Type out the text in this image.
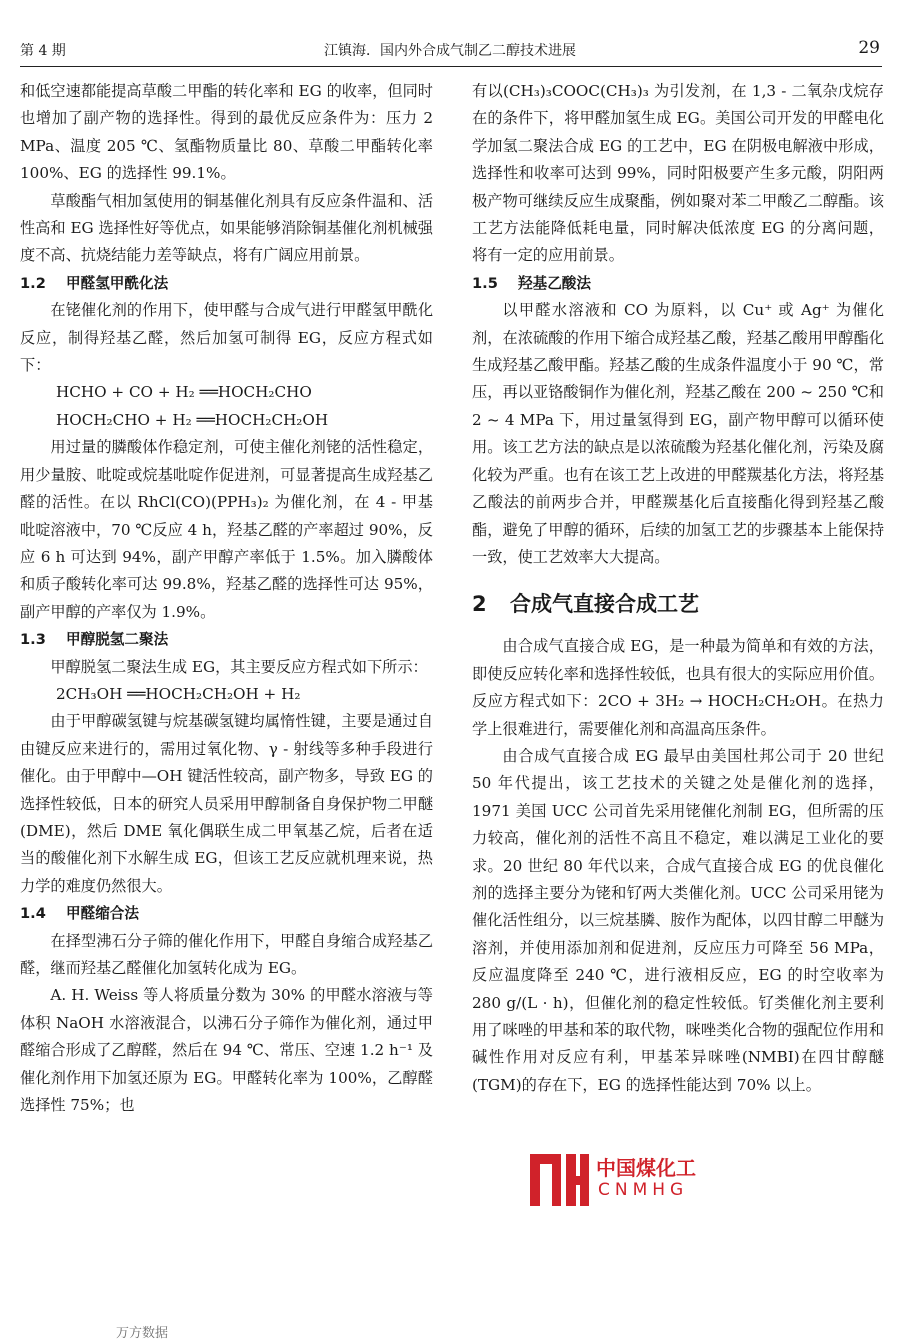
第 4 期	江镇海．国内外合成气制乙二醇技术进展	29

和低空速都能提高草酸二甲酯的转化率和 EG 的收率，但同时也增加了副产物的选择性。得到的最优反应条件为：压力 2 MPa、温度 205 ℃、氢酯物质量比 80、草酸二甲酯转化率 100%、EG 的选择性 99.1%。

草酸酯气相加氢使用的铜基催化剂具有反应条件温和、活性高和 EG 选择性好等优点，如果能够消除铜基催化剂机械强度不高、抗烧结能力差等缺点，将有广阔应用前景。

1.2 甲醛氢甲酰化法

在铑催化剂的作用下，使甲醛与合成气进行甲醛氢甲酰化反应，制得羟基乙醛，然后加氢可制得 EG，反应方程式如下：

HCHO + CO + H₂ ══HOCH₂CHO

HOCH₂CHO + H₂ ══HOCH₂CH₂OH

用过量的膦酸体作稳定剂，可使主催化剂铑的活性稳定，用少量胺、吡啶或烷基吡啶作促进剂，可显著提高生成羟基乙醛的活性。在以 RhCl(CO)(PPH₃)₂ 为催化剂，在 4 - 甲基吡啶溶液中，70 ℃反应 4 h，羟基乙醛的产率超过 90%，反应 6 h 可达到 94%，副产甲醇产率低于 1.5%。加入膦酸体和质子酸转化率可达 99.8%，羟基乙醛的选择性可达 95%，副产甲醇的产率仅为 1.9%。

1.3 甲醇脱氢二聚法

甲醇脱氢二聚法生成 EG，其主要反应方程式如下所示：

2CH₃OH ══HOCH₂CH₂OH + H₂

由于甲醇碳氢键与烷基碳氢键均属惰性键，主要是通过自由键反应来进行的，需用过氧化物、γ - 射线等多种手段进行催化。由于甲醇中—OH 键活性较高，副产物多，导致 EG 的选择性较低，日本的研究人员采用甲醇制备自身保护物二甲醚(DME)，然后 DME 氧化偶联生成二甲氧基乙烷，后者在适当的酸催化剂下水解生成 EG，但该工艺反应就机理来说，热力学的难度仍然很大。

1.4 甲醛缩合法

在择型沸石分子筛的催化作用下，甲醛自身缩合成羟基乙醛，继而羟基乙醛催化加氢转化成为 EG。

A. H. Weiss 等人将质量分数为 30% 的甲醛水溶液与等体积 NaOH 水溶液混合，以沸石分子筛作为催化剂，通过甲醛缩合形成了乙醇醛，然后在 94 ℃、常压、空速 1.2 h⁻¹ 及催化剂作用下加氢还原为 EG。甲醛转化率为 100%，乙醇醛选择性 75%；也

有以(CH₃)₃COOC(CH₃)₃ 为引发剂，在 1,3 - 二氧杂戊烷存在的条件下，将甲醛加氢生成 EG。美国公司开发的甲醛电化学加氢二聚法合成 EG 的工艺中，EG 在阴极电解液中形成，选择性和收率可达到 99%，同时阳极要产生多元酸，阴阳两极产物可继续反应生成聚酯，例如聚对苯二甲酸乙二醇酯。该工艺方法能降低耗电量，同时解决低浓度 EG 的分离问题，将有一定的应用前景。

1.5 羟基乙酸法

以甲醛水溶液和 CO 为原料，以 Cu⁺ 或 Ag⁺ 为催化剂，在浓硫酸的作用下缩合成羟基乙酸，羟基乙酸用甲醇酯化生成羟基乙酸甲酯。羟基乙酸的生成条件温度小于 90 ℃，常压，再以亚铬酸铜作为催化剂，羟基乙酸在 200 ~ 250 ℃和 2 ~ 4 MPa 下，用过量氢得到 EG，副产物甲醇可以循环使用。该工艺方法的缺点是以浓硫酸为羟基化催化剂，污染及腐化较为严重。也有在该工艺上改进的甲醛羰基化方法，将羟基乙酸法的前两步合并，甲醛羰基化后直接酯化得到羟基乙酸酯，避免了甲醇的循环，后续的加氢工艺的步骤基本上能保持一致，使工艺效率大大提高。

2 合成气直接合成工艺

由合成气直接合成 EG，是一种最为简单和有效的方法，即使反应转化率和选择性较低，也具有很大的实际应用价值。反应方程式如下：2CO + 3H₂ → HOCH₂CH₂OH。在热力学上很难进行，需要催化剂和高温高压条件。

由合成气直接合成 EG 最早由美国杜邦公司于 20 世纪 50 年代提出，该工艺技术的关键之处是催化剂的选择，1971 美国 UCC 公司首先采用铑催化剂制 EG，但所需的压力较高，催化剂的活性不高且不稳定，难以满足工业化的要求。20 世纪 80 年代以来，合成气直接合成 EG 的优良催化剂的选择主要分为铑和钌两大类催化剂。UCC 公司采用铑为催化活性组分，以三烷基膦、胺作为配体，以四甘醇二甲醚为溶剂，并使用添加剂和促进剂，反应压力可降至 56 MPa，反应温度降至 240 ℃，进行液相反应，EG 的时空收率为 280 g/(L · h)，但催化剂的稳定性较低。钌类催化剂主要利用了咪唑的甲基和苯的取代物，咪唑类化合物的强配位作用和碱性作用对反应有利，甲基苯异咪唑(NMBI)在四甘醇醚(TGM)的存在下，EG 的选择性能达到 70% 以上。

中国煤化工
CNMHG
万方数据
